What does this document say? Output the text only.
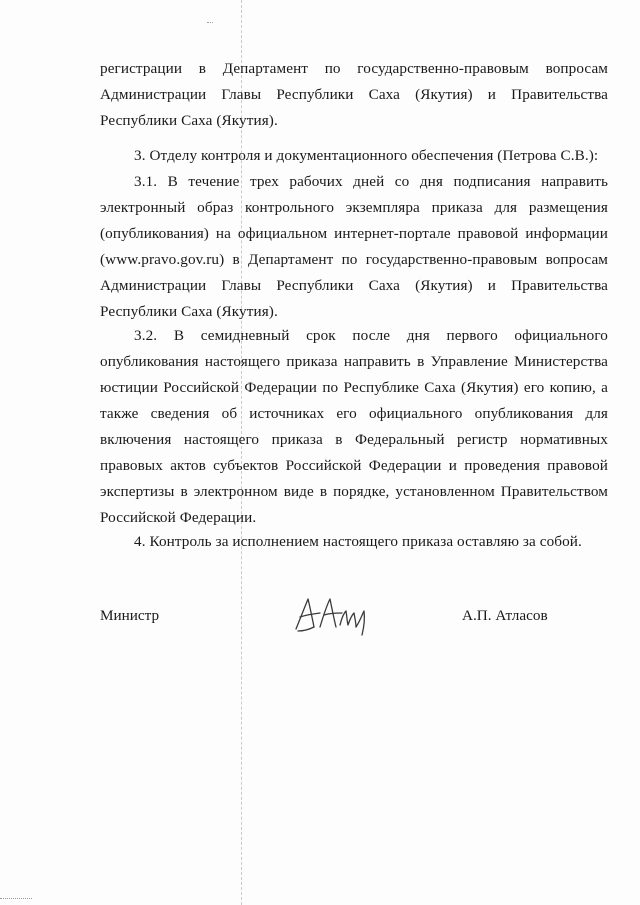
регистрации в Департамент по государственно-правовым вопросам Администрации Главы Республики Саха (Якутия) и Правительства Республики Саха (Якутия).

3. Отделу контроля и документационного обеспечения (Петрова С.В.):

3.1. В течение трех рабочих дней со дня подписания направить электронный образ контрольного экземпляра приказа для размещения (опубликования) на официальном интернет-портале правовой информации (www.pravo.gov.ru) в Департамент по государственно-правовым вопросам Администрации Главы Республики Саха (Якутия) и Правительства Республики Саха (Якутия).

3.2. В семидневный срок после дня первого официального опубликования настоящего приказа направить в Управление Министерства юстиции Российской Федерации по Республике Саха (Якутия) его копию, а также сведения об источниках его официального опубликования для включения настоящего приказа в Федеральный регистр нормативных правовых актов субъектов Российской Федерации и проведения правовой экспертизы в электронном виде в порядке, установленном Правительством Российской Федерации.

4. Контроль за исполнением настоящего приказа оставляю за собой.

Министр	А.П. Атласов
